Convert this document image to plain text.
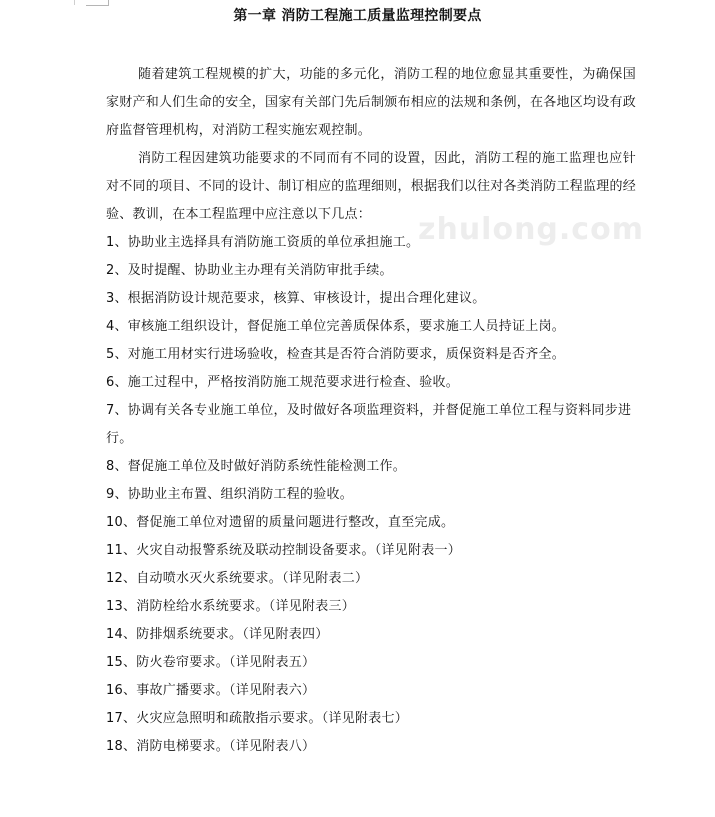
第一章 消防工程施工质量监理控制要点
zhulong.com

随着建筑工程规模的扩大，功能的多元化，消防工程的地位愈显其重要性，为确保国家财产和人们生命的安全，国家有关部门先后制颁布相应的法规和条例，在各地区均设有政府监督管理机构，对消防工程实施宏观控制。

消防工程因建筑功能要求的不同而有不同的设置，因此，消防工程的施工监理也应针对不同的项目、不同的设计、制订相应的监理细则，根据我们以往对各类消防工程监理的经验、教训，在本工程监理中应注意以下几点：

1、协助业主选择具有消防施工资质的单位承担施工。

2、及时提醒、协助业主办理有关消防审批手续。

3、根据消防设计规范要求，核算、审核设计，提出合理化建议。

4、审核施工组织设计，督促施工单位完善质保体系，要求施工人员持证上岗。

5、对施工用材实行进场验收，检查其是否符合消防要求，质保资料是否齐全。

6、施工过程中，严格按消防施工规范要求进行检查、验收。

7、协调有关各专业施工单位，及时做好各项监理资料，并督促施工单位工程与资料同步进行。

8、督促施工单位及时做好消防系统性能检测工作。

9、协助业主布置、组织消防工程的验收。

10、督促施工单位对遗留的质量问题进行整改，直至完成。

11、火灾自动报警系统及联动控制设备要求。（详见附表一）

12、自动喷水灭火系统要求。（详见附表二）

13、消防栓给水系统要求。（详见附表三）

14、防排烟系统要求。（详见附表四）

15、防火卷帘要求。（详见附表五）

16、事故广播要求。（详见附表六）

17、火灾应急照明和疏散指示要求。（详见附表七）

18、消防电梯要求。（详见附表八）
